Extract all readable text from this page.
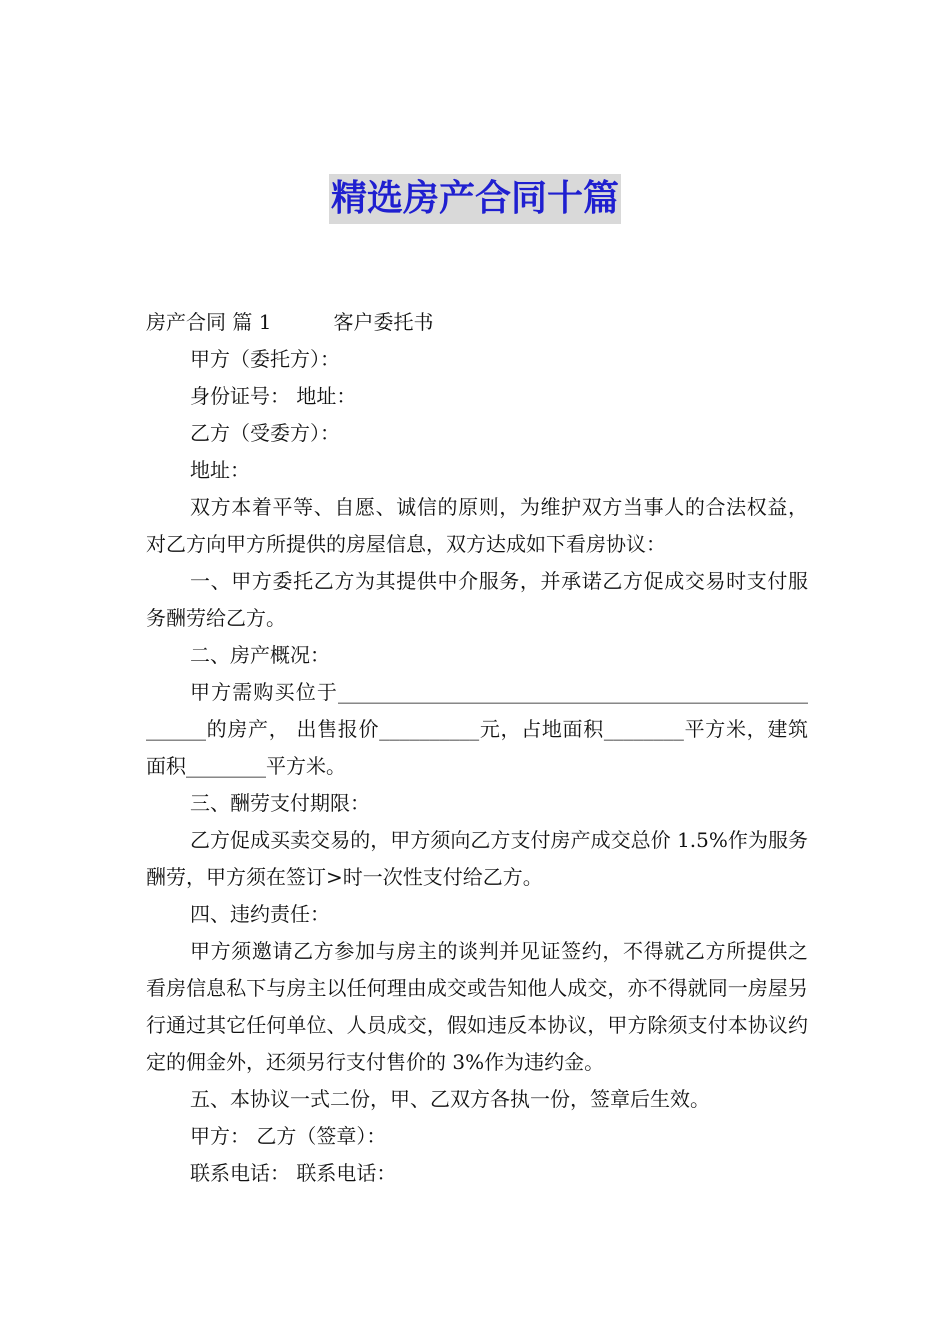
精选房产合同十篇

房产合同 篇 1	客户委托书

甲方（委托方）：

身份证号： 地址：

乙方（受委方）：

地址：

双方本着平等、自愿、诚信的原则，为维护双方当事人的合法权益，对乙方向甲方所提供的房屋信息，双方达成如下看房协议：

一、甲方委托乙方为其提供中介服务，并承诺乙方促成交易时支付服务酬劳给乙方。

二、房产概况：

甲方需购买位于_____________________________________________________的房产， 出售报价__________元，占地面积________平方米，建筑面积________平方米。

三、酬劳支付期限：

乙方促成买卖交易的，甲方须向乙方支付房产成交总价 1.5%作为服务酬劳，甲方须在签订>时一次性支付给乙方。

四、违约责任：

甲方须邀请乙方参加与房主的谈判并见证签约，不得就乙方所提供之看房信息私下与房主以任何理由成交或告知他人成交，亦不得就同一房屋另行通过其它任何单位、人员成交，假如违反本协议，甲方除须支付本协议约定的佣金外，还须另行支付售价的 3%作为违约金。

五、本协议一式二份，甲、乙双方各执一份，签章后生效。

甲方： 乙方（签章）：

联系电话： 联系电话：
